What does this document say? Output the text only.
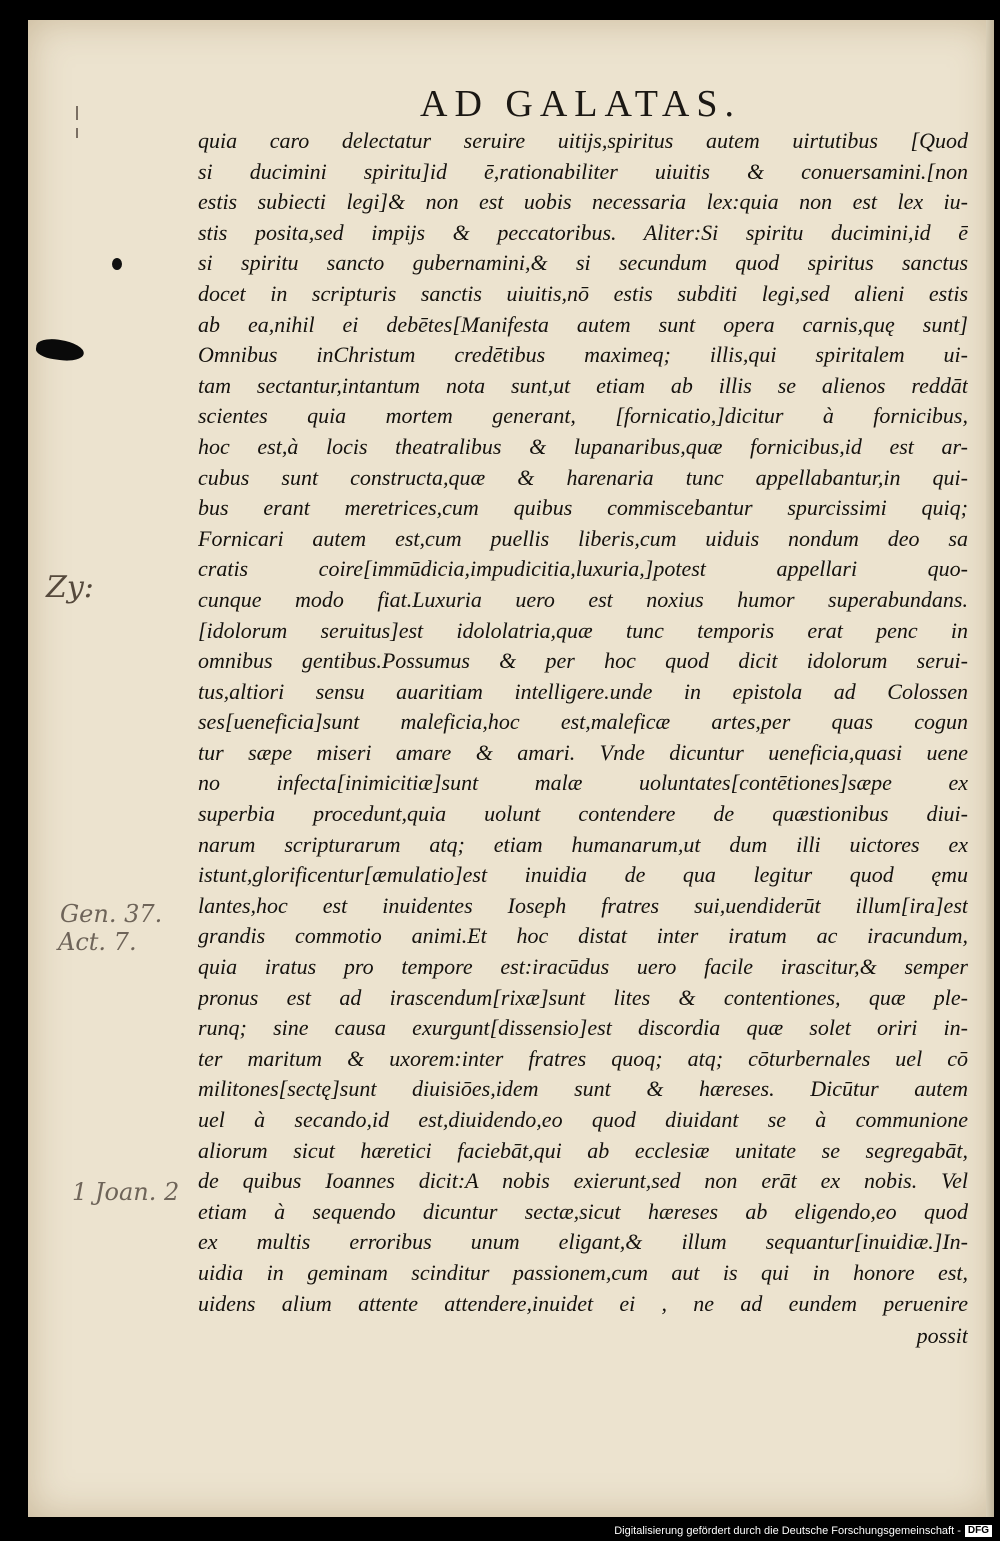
AD GALATAS.
Zy:
Gen. 37.
Act. 7.
1 Joan. 2
quia caro delectatur seruire uitijs,spiritus autem uirtutibus [Quod
si ducimini spiritu]id ē,rationabiliter uiuitis & conuersamini.[non
estis subiecti legi]& non est uobis necessaria lex:quia non est lex iu-
stis posita,sed impijs & peccatoribus. Aliter:Si spiritu ducimini,id ē
si spiritu sancto gubernamini,& si secundum quod spiritus sanctus
docet in scripturis sanctis uiuitis,nō estis subditi legi,sed alieni estis
ab ea,nihil ei debētes[Manifesta autem sunt opera carnis,quę sunt]
Omnibus inChristum credētibus maximeq; illis,qui spiritalem ui-
tam sectantur,intantum nota sunt,ut etiam ab illis se alienos reddāt
scientes quia mortem generant, [fornicatio,]dicitur à fornicibus,
hoc est,à locis theatralibus & lupanaribus,quæ fornicibus,id est ar-
cubus sunt constructa,quæ & harenaria tunc appellabantur,in qui-
bus erant meretrices,cum quibus commiscebantur spurcissimi quiq;
Fornicari autem est,cum puellis liberis,cum uiduis nondum deo sa
cratis coire[immūdicia,impudicitia,luxuria,]potest appellari quo-
cunque modo fiat.Luxuria uero est noxius humor superabundans.
[idolorum seruitus]est idololatria,quæ tunc temporis erat penc in
omnibus gentibus.Possumus & per hoc quod dicit idolorum serui-
tus,altiori sensu auaritiam intelligere.unde in epistola ad Colossen
ses[ueneficia]sunt maleficia,hoc est,maleficæ artes,per quas cogun
tur sæpe miseri amare & amari. Vnde dicuntur ueneficia,quasi uene
no infecta[inimicitiæ]sunt malæ uoluntates[contētiones]sæpe ex
superbia procedunt,quia uolunt contendere de quæstionibus diui-
narum scripturarum atq; etiam humanarum,ut dum illi uictores ex
istunt,glorificentur[æmulatio]est inuidia de qua legitur quod ęmu
lantes,hoc est inuidentes Ioseph fratres sui,uendiderūt illum[ira]est
grandis commotio animi.Et hoc distat inter iratum ac iracundum,
quia iratus pro tempore est:iracūdus uero facile irascitur,& semper
pronus est ad irascendum[rixæ]sunt lites & contentiones, quæ ple-
runq; sine causa exurgunt[dissensio]est discordia quæ solet oriri in-
ter maritum & uxorem:inter fratres quoq; atq; cōturbernales uel cō
militones[sectę]sunt diuisiōes,idem sunt & hæreses. Dicūtur autem
uel à secando,id est,diuidendo,eo quod diuidant se à communione
aliorum sicut hæretici faciebāt,qui ab ecclesiæ unitate se segregabāt,
de quibus Ioannes dicit:A nobis exierunt,sed non erāt ex nobis. Vel
etiam à sequendo dicuntur sectæ,sicut hæreses ab eligendo,eo quod
ex multis erroribus unum eligant,& illum sequantur[inuidiæ.]In-
uidia in geminam scinditur passionem,cum aut is qui in honore est,
uidens alium attente attendere,inuidet ei , ne ad eundem peruenire
possit
Digitalisierung gefördert durch die Deutsche Forschungsgemeinschaft - DFG
